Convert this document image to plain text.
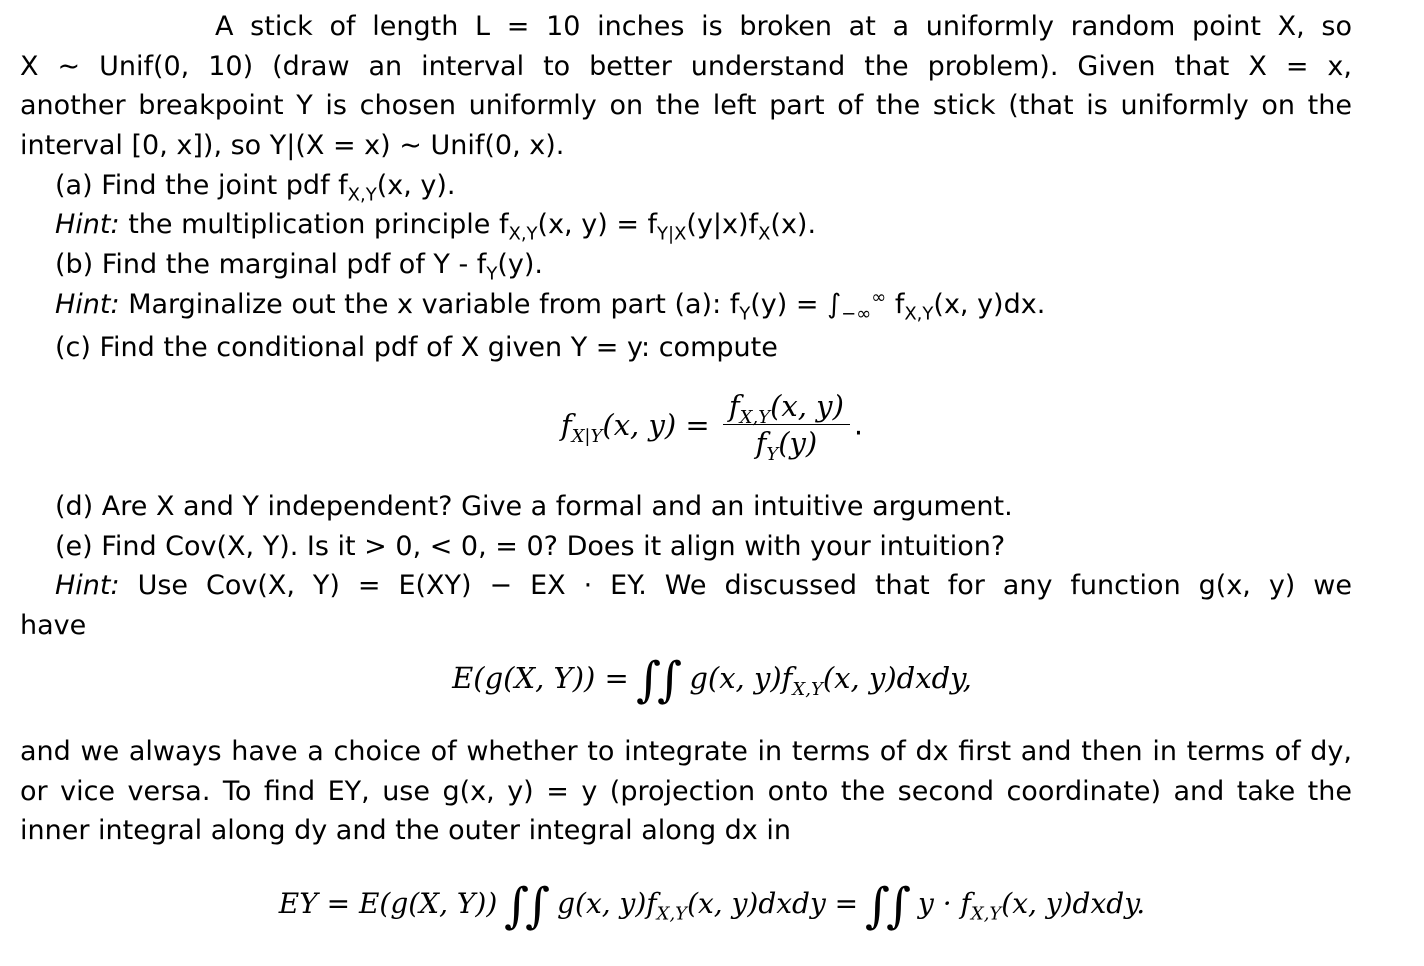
A stick of length L = 10 inches is broken at a uniformly random point X, so
X ∼ Unif(0, 10) (draw an interval to better understand the problem). Given that X = x,
another breakpoint Y is chosen uniformly on the left part of the stick (that is uniformly on the
interval [0, x]), so Y|(X = x) ∼ Unif(0, x).
(a) Find the joint pdf $f_{X,Y}(x$, y).
Hint: the multiplication principle $f_{X,Y}(x$, $y) = f_{Y|X}(y|x)f_X(x)$.
(b) Find the marginal pdf of Y - $f_Y(y)$.
Hint: Marginalize out the x variable from part (a): $f_Y(y) = \int_{-\infty}^\infty$ $f_{X,Y}(x$, y)dx.
(c) Find the conditional pdf of X given Y = y: compute
$f_{X|Y}(x$, $y) = \frac{f_{X,Y}(x, y)}{f_Y(y)}$ .
(d) Are X and Y independent? Give a formal and an intuitive argument.
(e) Find Cov(X, Y). Is it > 0, < 0, = 0? Does it align with your intuition?
Hint: Use Cov(X, Y) = E(XY) − EX · EY. We discussed that for any function g(x, y) we
have
E(g(X, Y)) = ∫∫ g(x, $y)f_{X,Y}(x$, y)dxdy,
and we always have a choice of whether to integrate in terms of dx first and then in terms of dy,
or vice versa. To find EY, use g(x, y) = y (projection onto the second coordinate) and take the
inner integral along dy and the outer integral along dx in
EY = E(g(X, Y)) ∫∫ g(x, $y)f_{X,Y}(x$, y)dxdy = ∫∫ $y \cdot f_{X,Y}(x$, y)dxdy.
